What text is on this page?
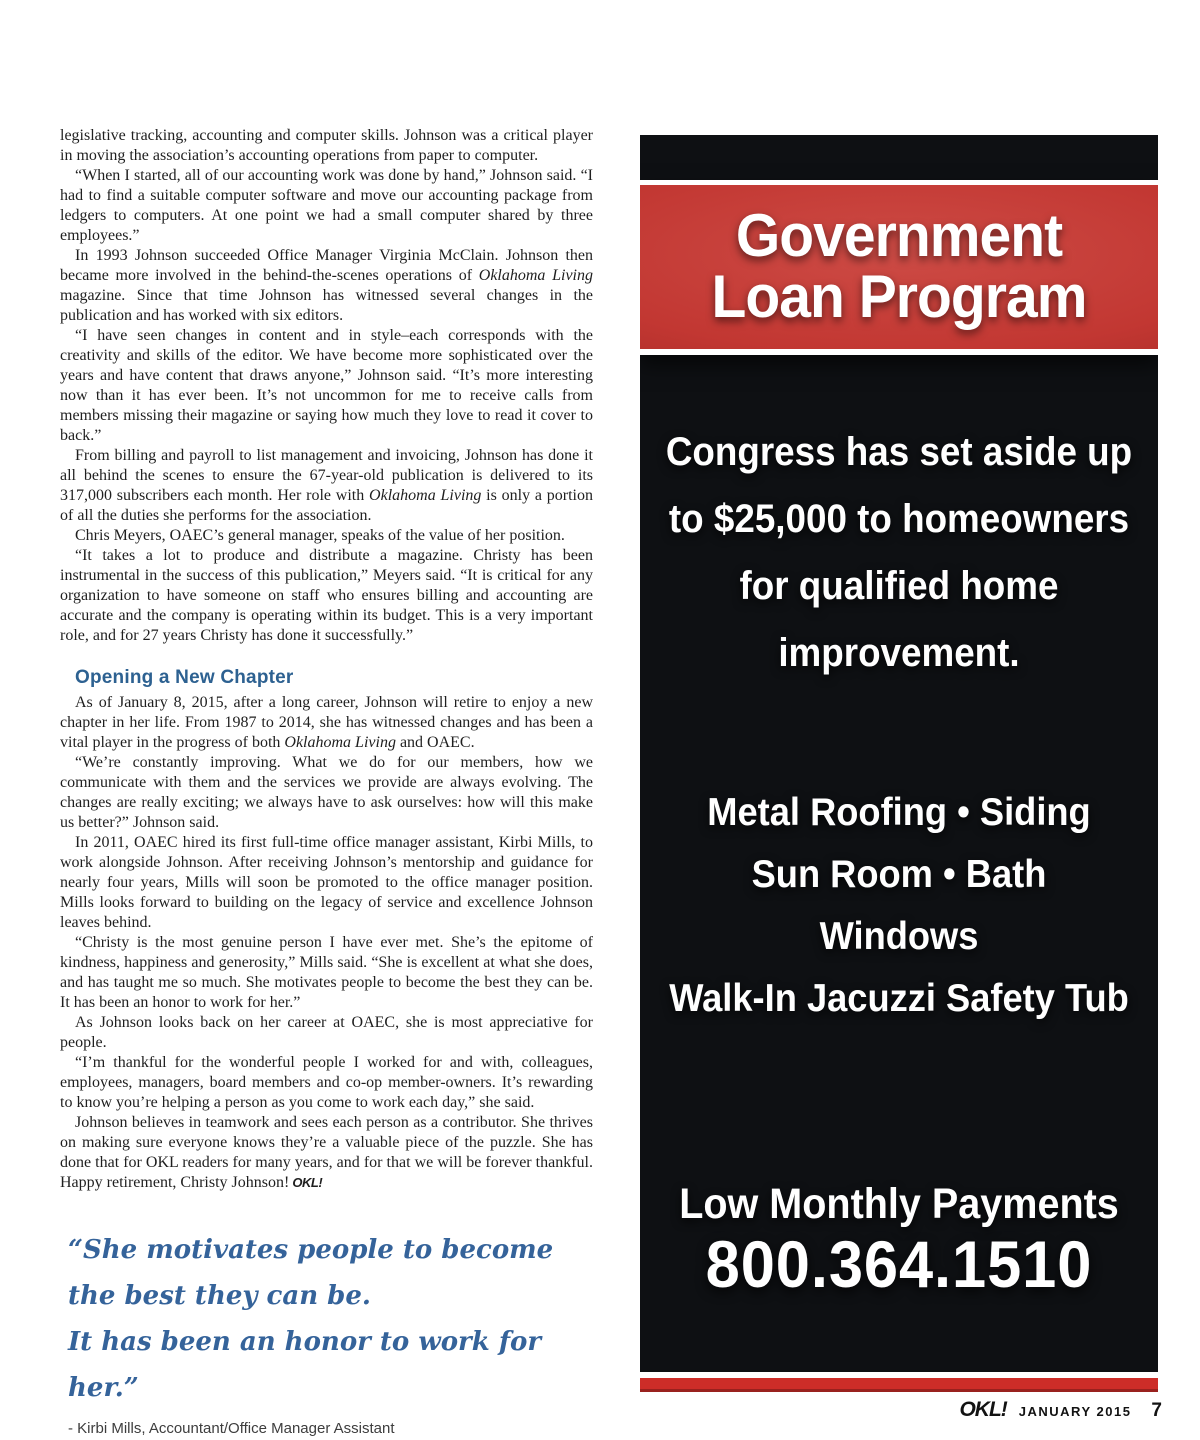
legislative tracking, accounting and computer skills. Johnson was a critical player in moving the association’s accounting operations from paper to computer.

“When I started, all of our accounting work was done by hand,” Johnson said. “I had to find a suitable computer software and move our accounting package from ledgers to computers. At one point we had a small computer shared by three employees.”

In 1993 Johnson succeeded Office Manager Virginia McClain. Johnson then became more involved in the behind-the-scenes operations of Oklahoma Living magazine. Since that time Johnson has witnessed several changes in the publication and has worked with six editors.

“I have seen changes in content and in style–each corresponds with the creativity and skills of the editor. We have become more sophisticated over the years and have content that draws anyone,” Johnson said. “It’s more interesting now than it has ever been. It’s not uncommon for me to receive calls from members missing their magazine or saying how much they love to read it cover to back.”

From billing and payroll to list management and invoicing, Johnson has done it all behind the scenes to ensure the 67-year-old publication is delivered to its 317,000 subscribers each month. Her role with Oklahoma Living is only a portion of all the duties she performs for the association.

Chris Meyers, OAEC’s general manager, speaks of the value of her position.

“It takes a lot to produce and distribute a magazine. Christy has been instrumental in the success of this publication,” Meyers said. “It is critical for any organization to have someone on staff who ensures billing and accounting are accurate and the company is operating within its budget. This is a very important role, and for 27 years Christy has done it successfully.”

Opening a New Chapter

As of January 8, 2015, after a long career, Johnson will retire to enjoy a new chapter in her life. From 1987 to 2014, she has witnessed changes and has been a vital player in the progress of both Oklahoma Living and OAEC.

“We’re constantly improving. What we do for our members, how we communicate with them and the services we provide are always evolving. The changes are really exciting; we always have to ask ourselves: how will this make us better?” Johnson said.

In 2011, OAEC hired its first full-time office manager assistant, Kirbi Mills, to work alongside Johnson. After receiving Johnson’s mentorship and guidance for nearly four years, Mills will soon be promoted to the office manager position. Mills looks forward to building on the legacy of service and excellence Johnson leaves behind.

“Christy is the most genuine person I have ever met. She’s the epitome of kindness, happiness and generosity,” Mills said. “She is excellent at what she does, and has taught me so much. She motivates people to become the best they can be. It has been an honor to work for her.”

As Johnson looks back on her career at OAEC, she is most appreciative for people.

“I’m thankful for the wonderful people I worked for and with, colleagues, employees, managers, board members and co-op member-owners. It’s rewarding to know you’re helping a person as you come to work each day,” she said.

Johnson believes in teamwork and sees each person as a contributor. She thrives on making sure everyone knows they’re a valuable piece of the puzzle. She has done that for OKL readers for many years, and for that we will be forever thankful. Happy retirement, Christy Johnson! OKL!

“She motivates people to become the best they can be.
It has been an honor to work for her.”
- Kirbi Mills, Accountant/Office Manager Assistant
Government
Loan Program
Congress has set aside up
to $25,000 to homeowners
for qualified home
improvement.
Metal Roofing • Siding
Sun Room • Bath
Windows
Walk-In Jacuzzi Safety Tub
Low Monthly Payments
800.364.1510
OKL! JANUARY 2015 7
